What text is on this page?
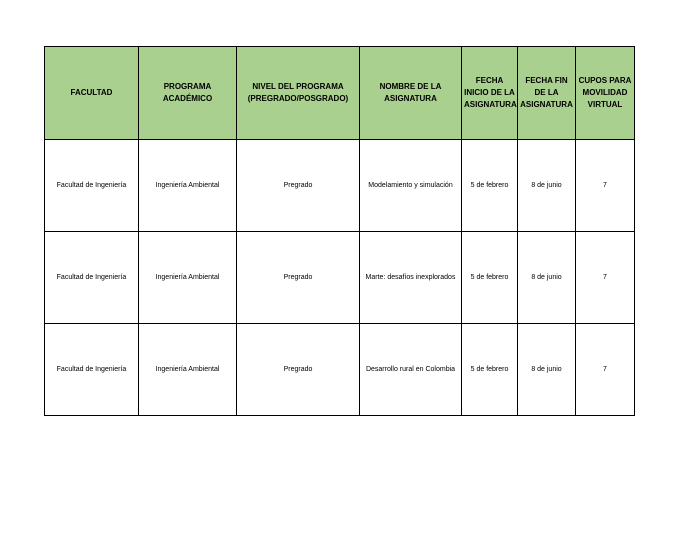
FACULTAD	PROGRAMA ACADÉMICO	NIVEL DEL PROGRAMA (PREGRADO/POSGRADO)	NOMBRE DE LA ASIGNATURA	FECHA INICIO DE LA ASIGNATURA	FECHA FIN DE LA ASIGNATURA	CUPOS PARA MOVILIDAD VIRTUAL
Facultad de Ingeniería	Ingeniería Ambiental	Pregrado	Modelamiento y simulación	5 de febrero	8 de junio	7
Facultad de Ingeniería	Ingeniería Ambiental	Pregrado	Marte: desafíos inexplorados	5 de febrero	8 de junio	7
Facultad de Ingeniería	Ingeniería Ambiental	Pregrado	Desarrollo rural en Colombia	5 de febrero	8 de junio	7
